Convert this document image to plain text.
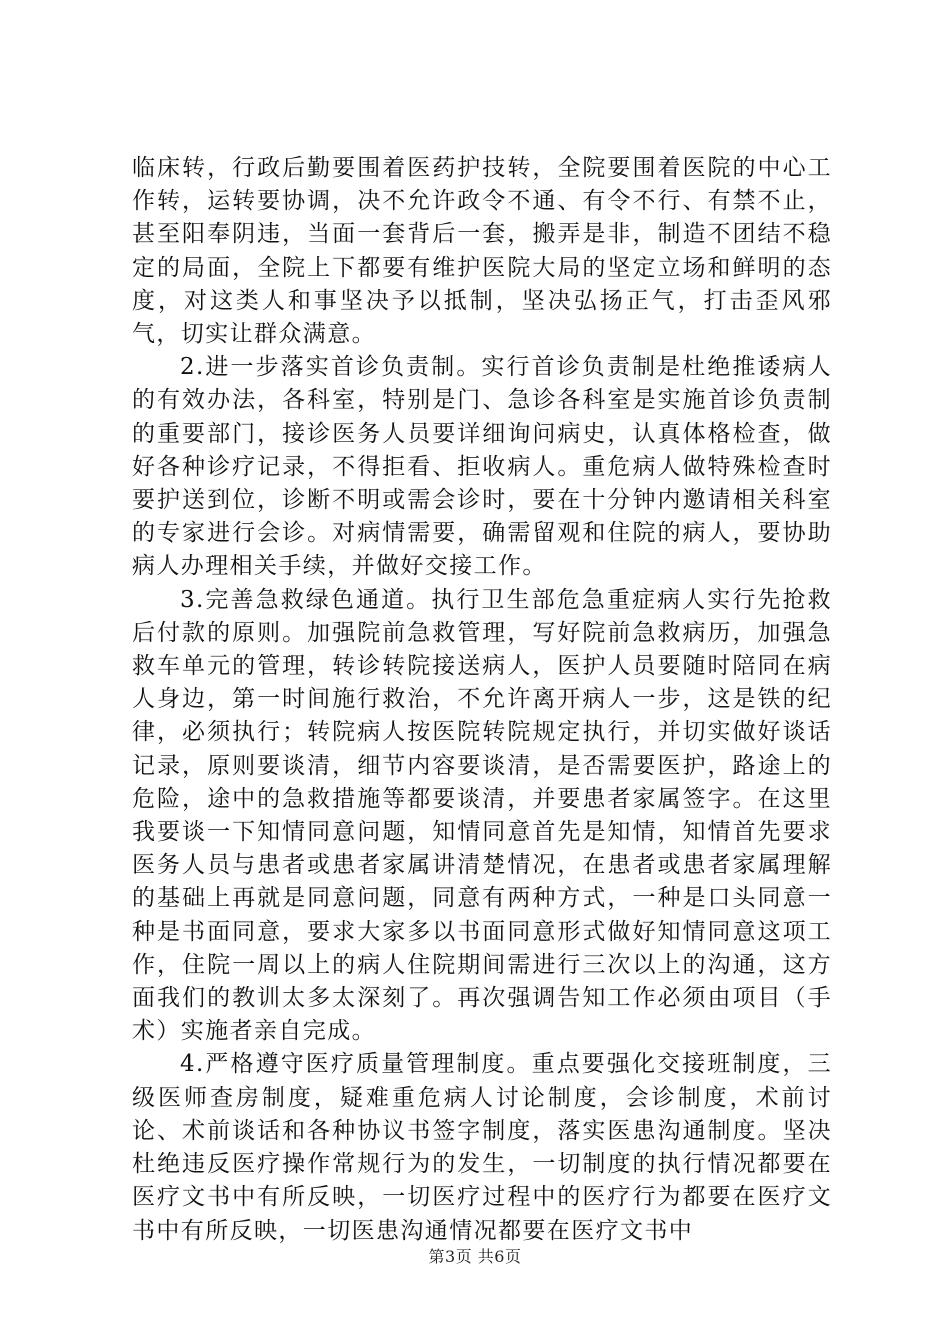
临床转，行政后勤要围着医药护技转，全院要围着医院的中心工作转，运转要协调，决不允许政令不通、有令不行、有禁不止，甚至阳奉阴违，当面一套背后一套，搬弄是非，制造不团结不稳定的局面，全院上下都要有维护医院大局的坚定立场和鲜明的态度，对这类人和事坚决予以抵制，坚决弘扬正气，打击歪风邪气，切实让群众满意。

2.进一步落实首诊负责制。实行首诊负责制是杜绝推诿病人的有效办法，各科室，特别是门、急诊各科室是实施首诊负责制的重要部门，接诊医务人员要详细询问病史，认真体格检查，做好各种诊疗记录，不得拒看、拒收病人。重危病人做特殊检查时要护送到位，诊断不明或需会诊时，要在十分钟内邀请相关科室的专家进行会诊。对病情需要，确需留观和住院的病人，要协助病人办理相关手续，并做好交接工作。

3.完善急救绿色通道。执行卫生部危急重症病人实行先抢救后付款的原则。加强院前急救管理，写好院前急救病历，加强急救车单元的管理，转诊转院接送病人，医护人员要随时陪同在病人身边，第一时间施行救治，不允许离开病人一步，这是铁的纪律，必须执行；转院病人按医院转院规定执行，并切实做好谈话记录，原则要谈清，细节内容要谈清，是否需要医护，路途上的危险，途中的急救措施等都要谈清，并要患者家属签字。在这里我要谈一下知情同意问题，知情同意首先是知情，知情首先要求医务人员与患者或患者家属讲清楚情况，在患者或患者家属理解的基础上再就是同意问题，同意有两种方式，一种是口头同意一种是书面同意，要求大家多以书面同意形式做好知情同意这项工作，住院一周以上的病人住院期间需进行三次以上的沟通，这方面我们的教训太多太深刻了。再次强调告知工作必须由项目（手术）实施者亲自完成。

4.严格遵守医疗质量管理制度。重点要强化交接班制度，三级医师查房制度，疑难重危病人讨论制度，会诊制度，术前讨论、术前谈话和各种协议书签字制度，落实医患沟通制度。坚决杜绝违反医疗操作常规行为的发生，一切制度的执行情况都要在医疗文书中有所反映，一切医疗过程中的医疗行为都要在医疗文书中有所反映，一切医患沟通情况都要在医疗文书中

第3页 共6页
